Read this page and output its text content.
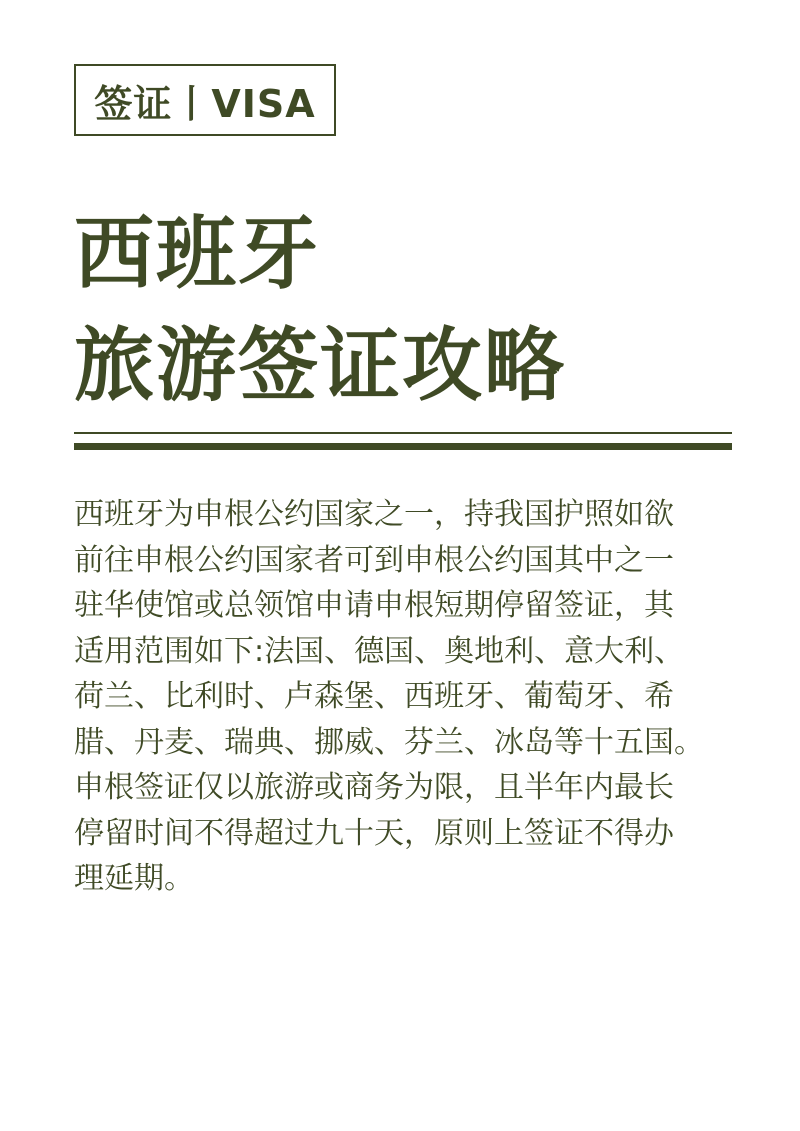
签证丨VISA
西班牙
旅游签证攻略

西班牙为申根公约国家之一，持我国护照如欲
前往申根公约国家者可到申根公约国其中之一
驻华使馆或总领馆申请申根短期停留签证，其
适用范围如下:法国、德国、奥地利、意大利、
荷兰、比利时、卢森堡、西班牙、葡萄牙、希
腊、丹麦、瑞典、挪威、芬兰、冰岛等十五国。
申根签证仅以旅游或商务为限，且半年内最长
停留时间不得超过九十天，原则上签证不得办
理延期。
